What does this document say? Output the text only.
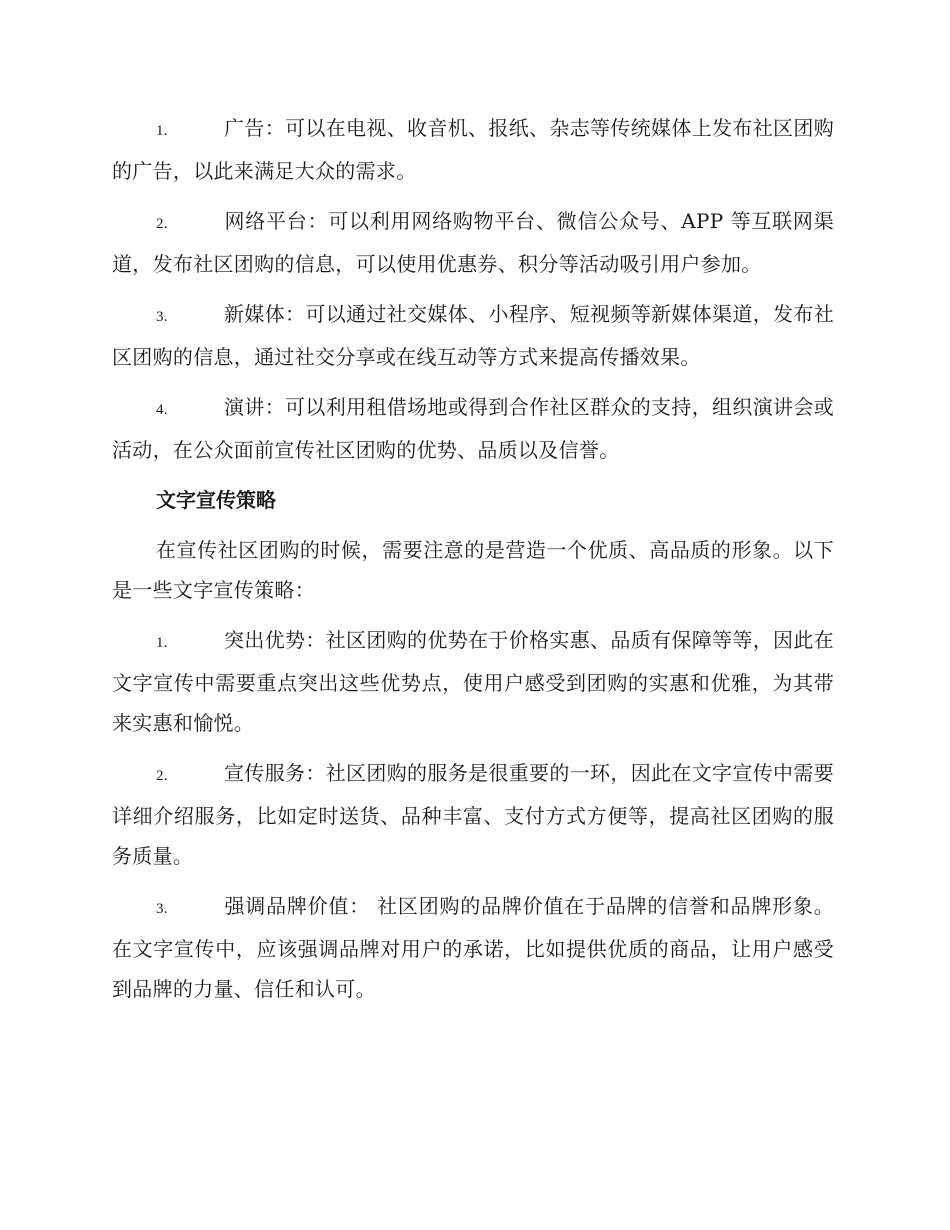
1.	广告：可以在电视、收音机、报纸、杂志等传统媒体上发布社区团购的广告，以此来满足大众的需求。

2.	网络平台：可以利用网络购物平台、微信公众号、APP 等互联网渠道，发布社区团购的信息，可以使用优惠券、积分等活动吸引用户参加。

3.	新媒体：可以通过社交媒体、小程序、短视频等新媒体渠道，发布社区团购的信息，通过社交分享或在线互动等方式来提高传播效果。

4.	演讲：可以利用租借场地或得到合作社区群众的支持，组织演讲会或活动，在公众面前宣传社区团购的优势、品质以及信誉。

文字宣传策略

在宣传社区团购的时候，需要注意的是营造一个优质、高品质的形象。以下是一些文字宣传策略：

1.	突出优势：社区团购的优势在于价格实惠、品质有保障等等，因此在文字宣传中需要重点突出这些优势点，使用户感受到团购的实惠和优雅，为其带来实惠和愉悦。

2.	宣传服务：社区团购的服务是很重要的一环，因此在文字宣传中需要详细介绍服务，比如定时送货、品种丰富、支付方式方便等，提高社区团购的服务质量。

3.	强调品牌价值： 社区团购的品牌价值在于品牌的信誉和品牌形象。在文字宣传中，应该强调品牌对用户的承诺，比如提供优质的商品，让用户感受到品牌的力量、信任和认可。
